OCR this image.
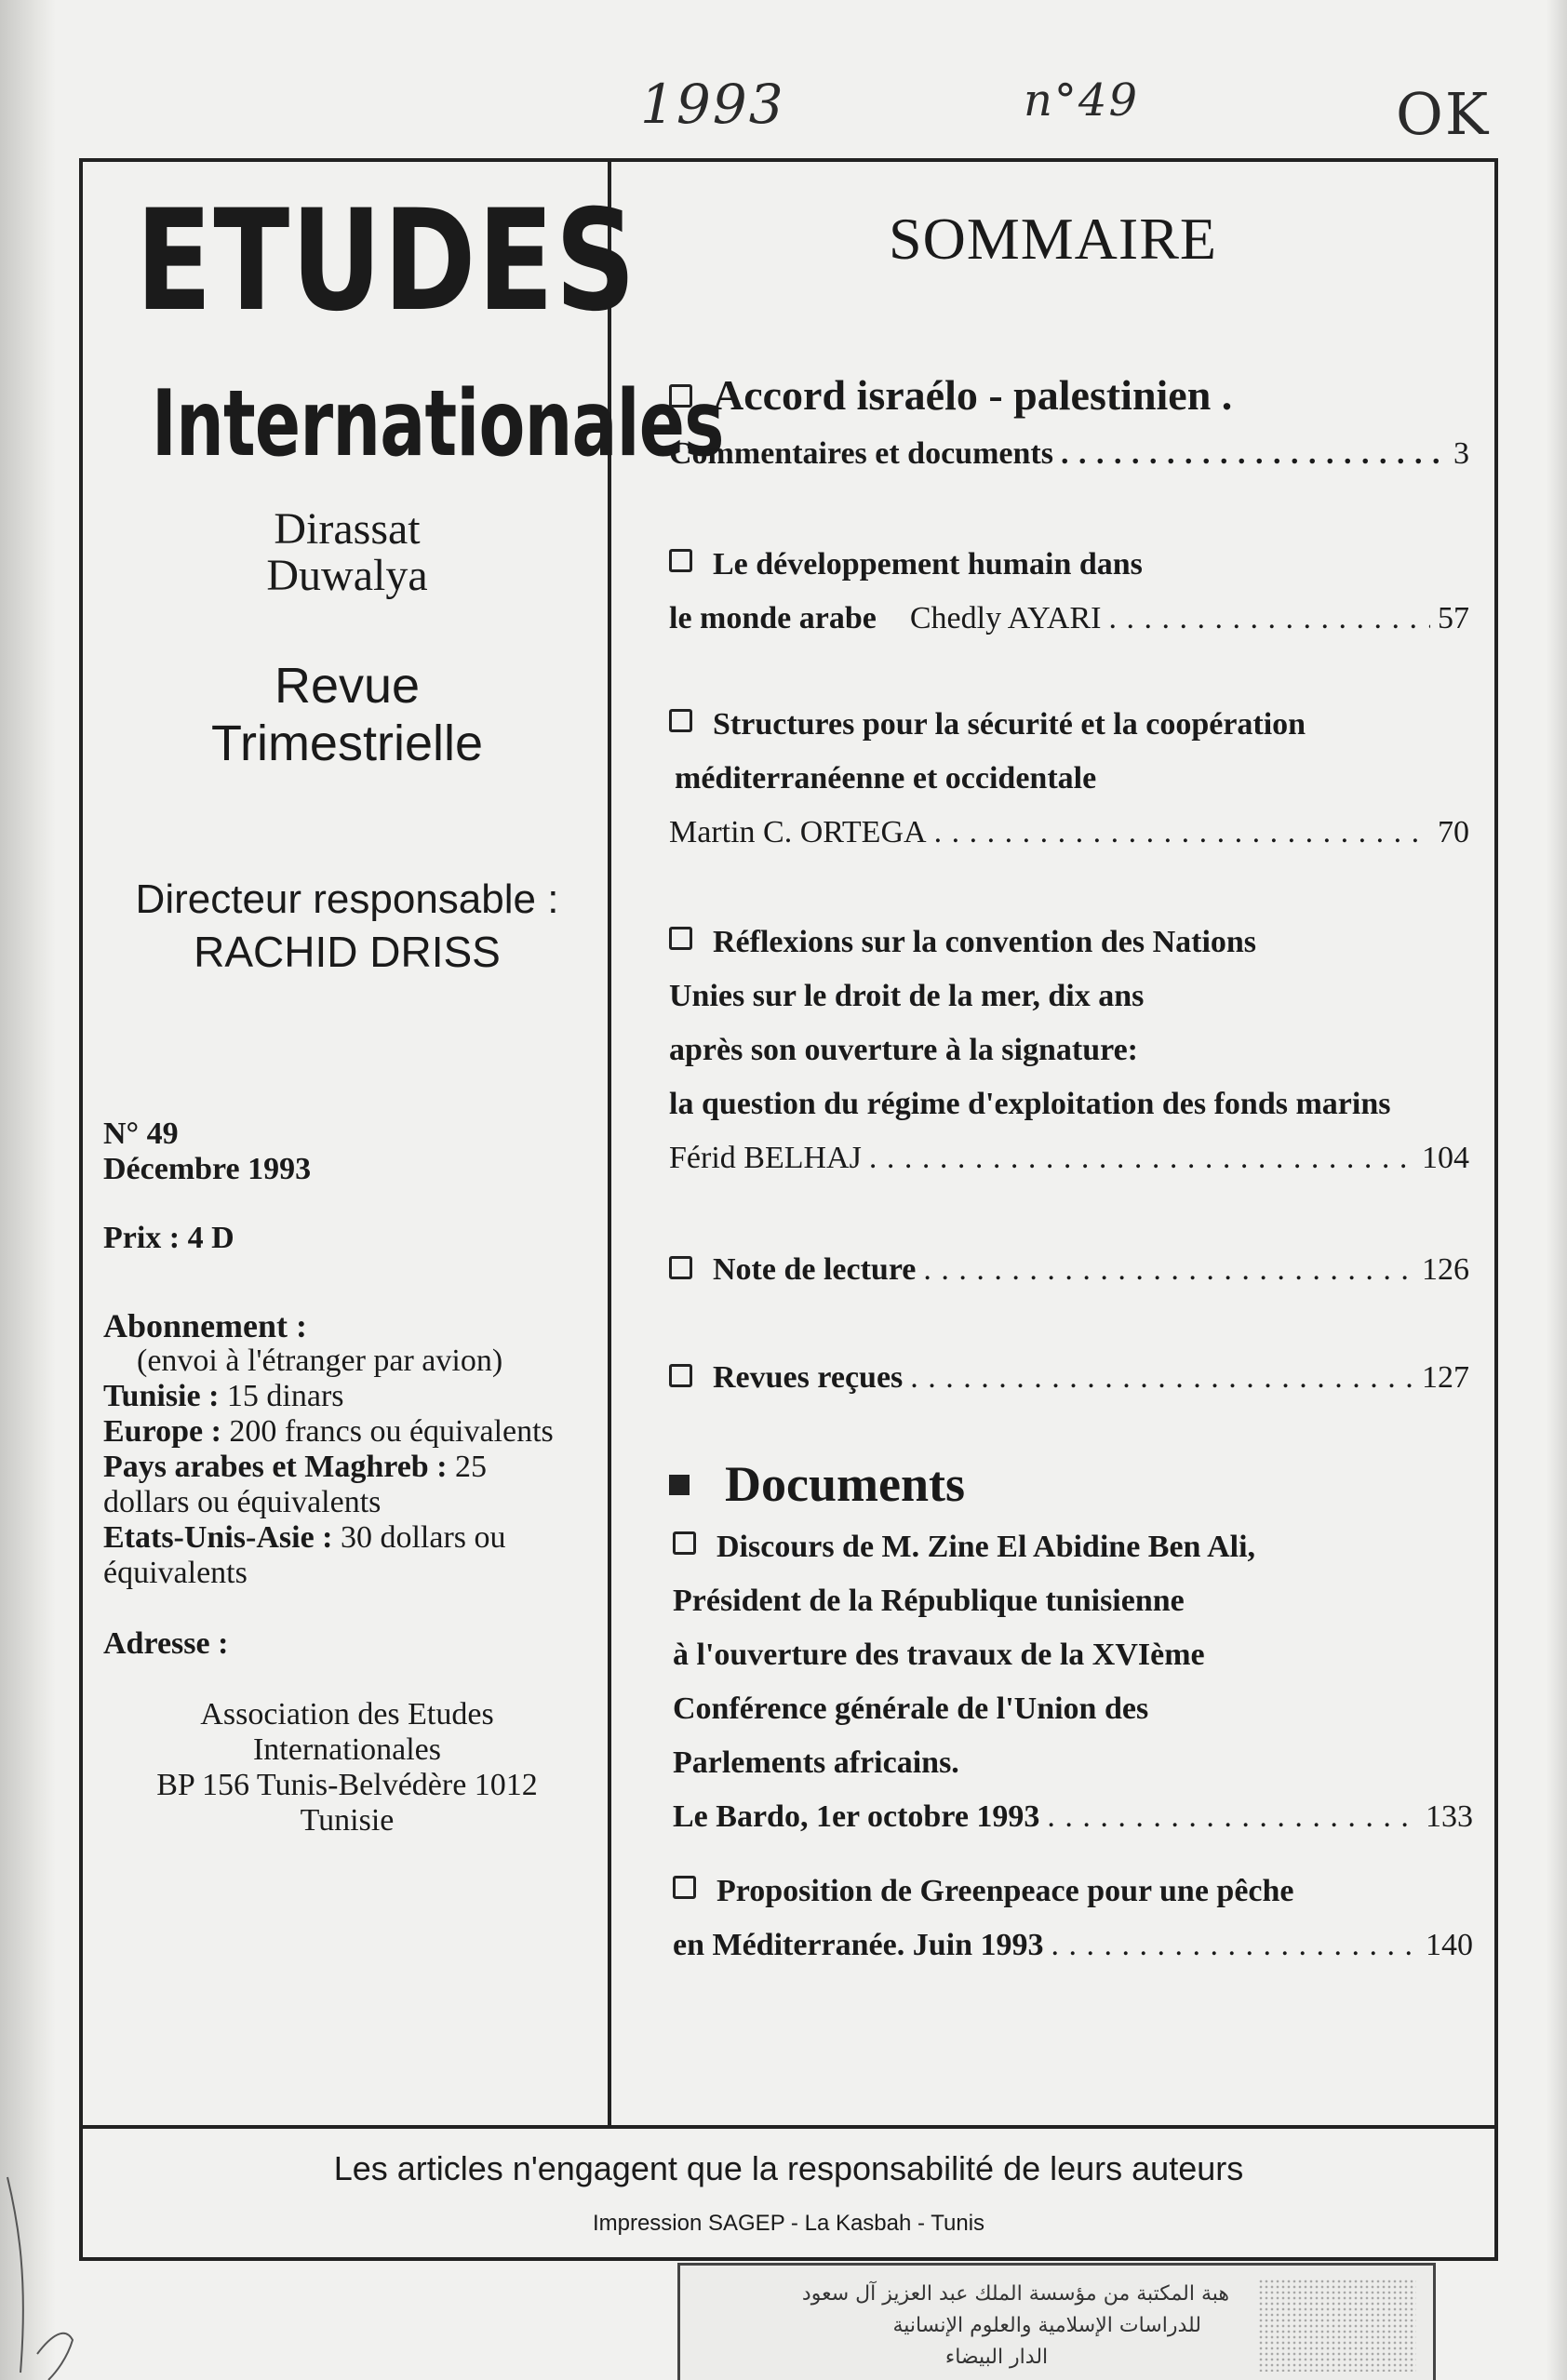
1993	n°49	OK
ETUDES
Internationales
Dirassat
Duwalya
Revue
Trimestrielle
Directeur responsable :
RACHID DRISS
N° 49
Décembre 1993
Prix : 4 D
Abonnement :
(envoi à l'étranger par avion)
Tunisie : 15 dinars
Europe : 200 francs ou équivalents
Pays arabes et Maghreb : 25
dollars ou équivalents
Etats-Unis-Asie : 30 dollars ou
équivalents
Adresse :
Association des Etudes
Internationales
BP 156 Tunis-Belvédère 1012
Tunisie
SOMMAIRE
Accord israélo - palestinien .
Commentaires et documents . . .	3
Le développement humain dans
le monde arabe Chedly AYARI . . .	57
Structures pour la sécurité et la coopération
méditerranéenne et occidentale
Martin C. ORTEGA . . .	70
Réflexions sur la convention des Nations
Unies sur le droit de la mer, dix ans
après son ouverture à la signature:
la question du régime d'exploitation des fonds marins
Férid BELHAJ . . .	104
Note de lecture . . .	126
Revues reçues . . .	127
Documents
Discours de M. Zine El Abidine Ben Ali,
Président de la République tunisienne
à l'ouverture des travaux de la XVIème
Conférence générale de l'Union des
Parlements africains.
Le Bardo, 1er octobre 1993 . . .	133
Proposition de Greenpeace pour une pêche
en Méditerranée. Juin 1993 . . .	140
Les articles n'engagent que la responsabilité de leurs auteurs
Impression SAGEP - La Kasbah - Tunis
هبة المكتبة من مؤسسة الملك عبد العزيز آل سعود
للدراسات الإسلامية والعلوم الإنسانية
الدار البيضاء
